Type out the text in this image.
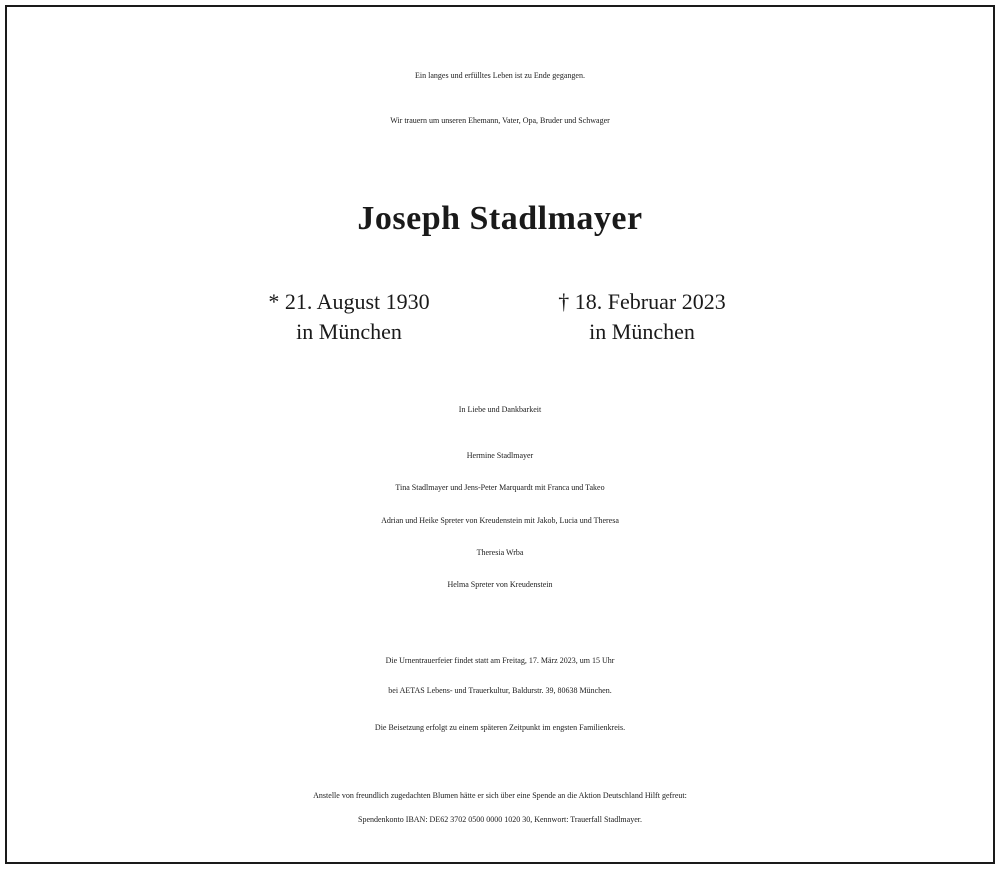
Ein langes und erfülltes Leben ist zu Ende gegangen.
Wir trauern um unseren Ehemann, Vater, Opa, Bruder und Schwager
Joseph Stadlmayer
* 21. August 1930
in München
† 18. Februar 2023
in München
In Liebe und Dankbarkeit
Hermine Stadlmayer
Tina Stadlmayer und Jens-Peter Marquardt mit Franca und Takeo
Adrian und Heike Spreter von Kreudenstein mit Jakob, Lucia und Theresa
Theresia Wrba
Helma Spreter von Kreudenstein
Die Urnentrauerfeier findet statt am Freitag, 17. März 2023, um 15 Uhr
bei AETAS Lebens- und Trauerkultur, Baldurstr. 39, 80638 München.
Die Beisetzung erfolgt zu einem späteren Zeitpunkt im engsten Familienkreis.
Anstelle von freundlich zugedachten Blumen hätte er sich über eine Spende an die Aktion Deutschland Hilft gefreut:
Spendenkonto IBAN: DE62 3702 0500 0000 1020 30, Kennwort: Trauerfall Stadlmayer.
